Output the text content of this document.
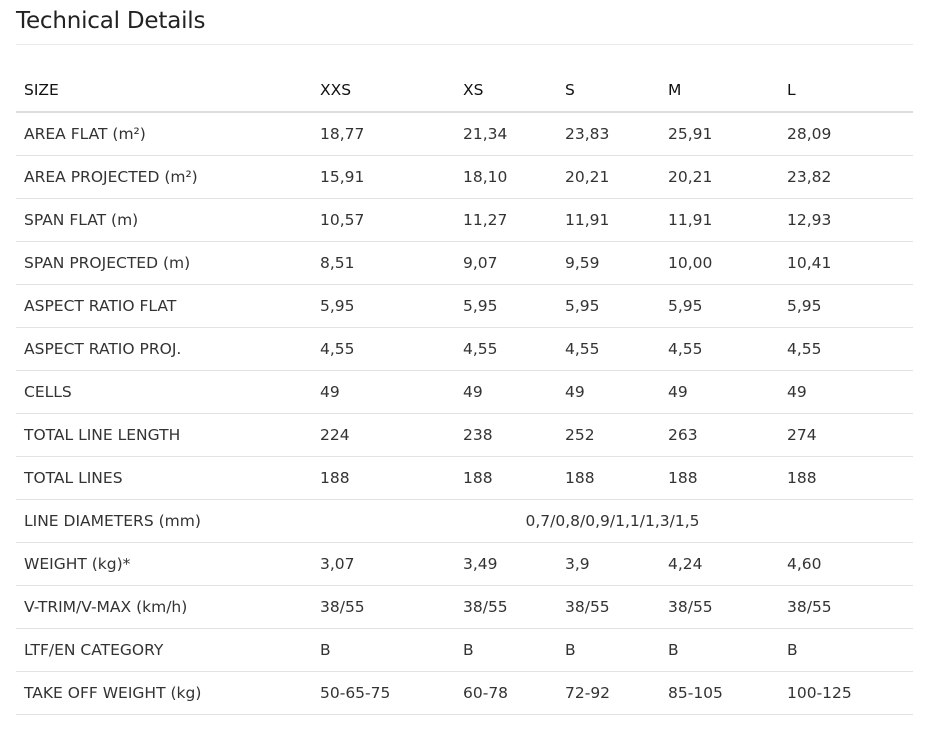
Technical Details
SIZE	XXS	XS	S	M	L
AREA FLAT (m²)	18,77	21,34	23,83	25,91	28,09
AREA PROJECTED (m²)	15,91	18,10	20,21	20,21	23,82
SPAN FLAT (m)	10,57	11,27	11,91	11,91	12,93
SPAN PROJECTED (m)	8,51	9,07	9,59	10,00	10,41
ASPECT RATIO FLAT	5,95	5,95	5,95	5,95	5,95
ASPECT RATIO PROJ.	4,55	4,55	4,55	4,55	4,55
CELLS	49	49	49	49	49
TOTAL LINE LENGTH	224	238	252	263	274
TOTAL LINES	188	188	188	188	188
LINE DIAMETERS (mm)	0,7/0,8/0,9/1,1/1,3/1,5				
WEIGHT (kg)*	3,07	3,49	3,9	4,24	4,60
V-TRIM/V-MAX (km/h)	38/55	38/55	38/55	38/55	38/55
LTF/EN CATEGORY	B	B	B	B	B
TAKE OFF WEIGHT (kg)	50-65-75	60-78	72-92	85-105	100-125
